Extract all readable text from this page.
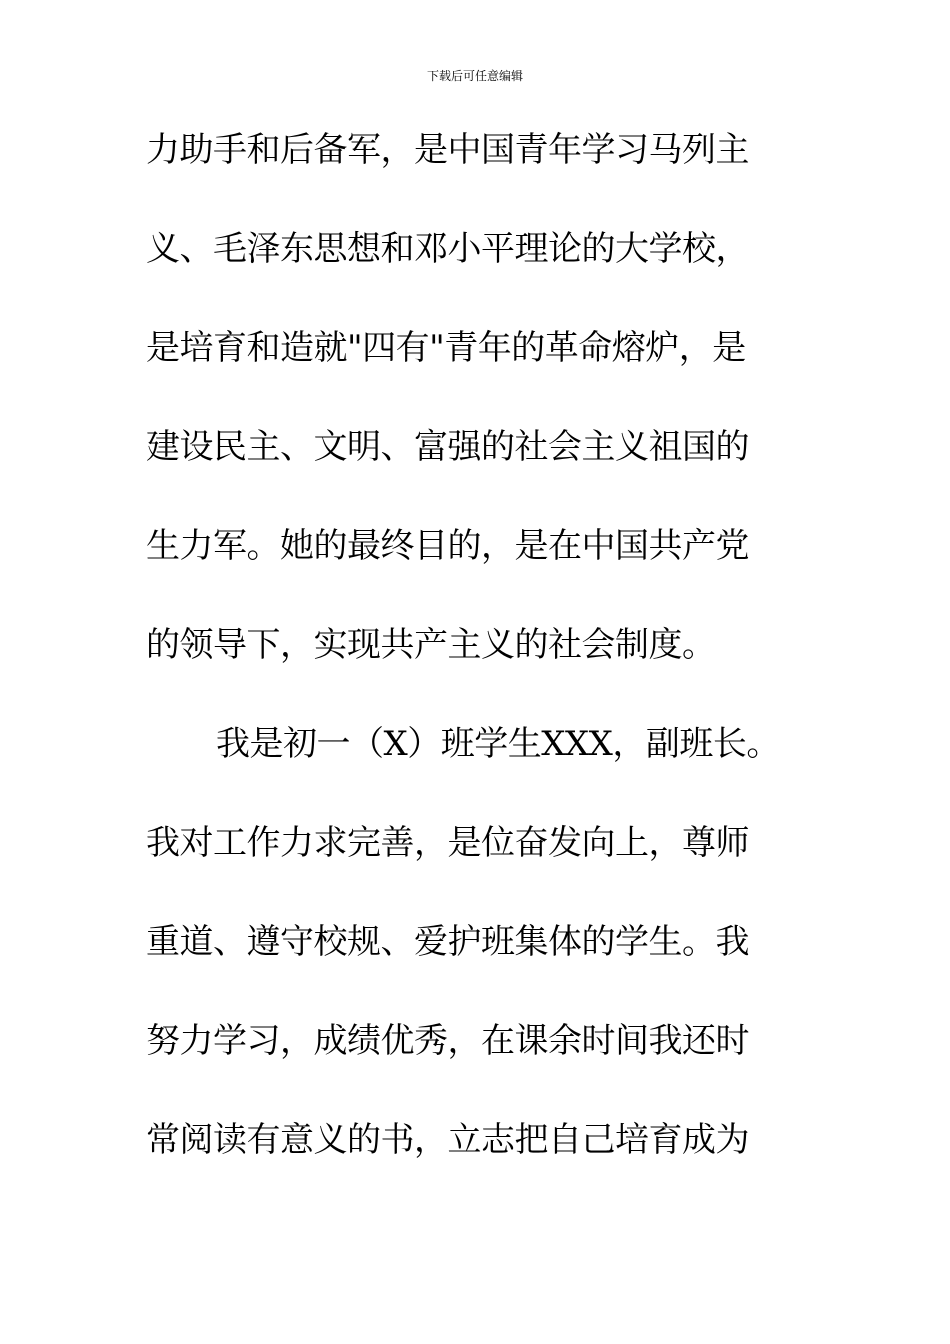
下载后可任意编辑
力助手和后备军，是中国青年学习马列主
义、毛泽东思想和邓小平理论的大学校，
是培育和造就"四有"青年的革命熔炉，是
建设民主、文明、富强的社会主义祖国的
生力军。她的最终目的，是在中国共产党
的领导下，实现共产主义的社会制度。
我是初一（X）班学生XXX，副班长。
我对工作力求完善，是位奋发向上，尊师
重道、遵守校规、爱护班集体的学生。我
努力学习，成绩优秀，在课余时间我还时
常阅读有意义的书，立志把自己培育成为
